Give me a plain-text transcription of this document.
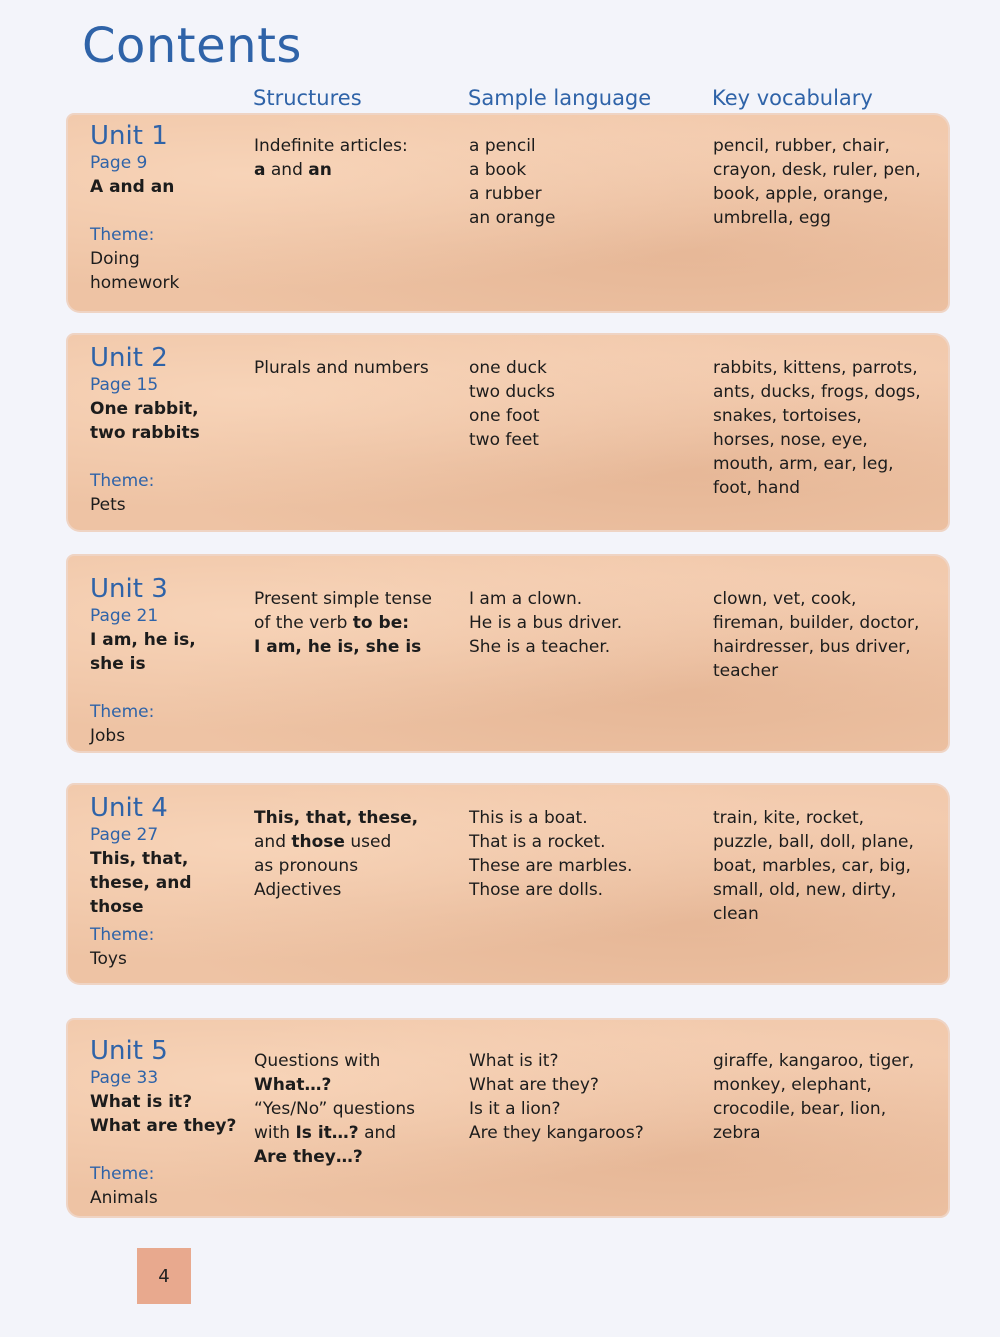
Contents
Structures	Sample language	Key vocabulary
Unit 1
Page 9
A and an
Theme:
Doing
homework
Indefinite articles:
a and an
a pencil
a book
a rubber
an orange
pencil, rubber, chair,
crayon, desk, ruler, pen,
book, apple, orange,
umbrella, egg
Unit 2
Page 15
One rabbit,
two rabbits
Theme:
Pets
Plurals and numbers one duck
two ducks
one foot
two feet
rabbits, kittens, parrots,
ants, ducks, frogs, dogs,
snakes, tortoises,
horses, nose, eye,
mouth, arm, ear, leg,
foot, hand
Unit 3
Page 21
I am, he is,
she is
Theme:
Jobs
Present simple tense
of the verb to be:
I am, he is, she is
I am a clown.
He is a bus driver.
She is a teacher.
clown, vet, cook,
fireman, builder, doctor,
hairdresser, bus driver,
teacher
Unit 4
Page 27
This, that,
these, and
those
Theme:
Toys
This, that, these,
and those used
as pronouns
Adjectives
This is a boat.
That is a rocket.
These are marbles.
Those are dolls.
train, kite, rocket,
puzzle, ball, doll, plane,
boat, marbles, car, big,
small, old, new, dirty,
clean
Unit 5
Page 33
What is it?
What are they?
Theme:
Animals
Questions with
What…?
“Yes/No” questions
with Is it…? and
Are they…?
What is it?
What are they?
Is it a lion?
Are they kangaroos?
giraffe, kangaroo, tiger,
monkey, elephant,
crocodile, bear, lion,
zebra
4
